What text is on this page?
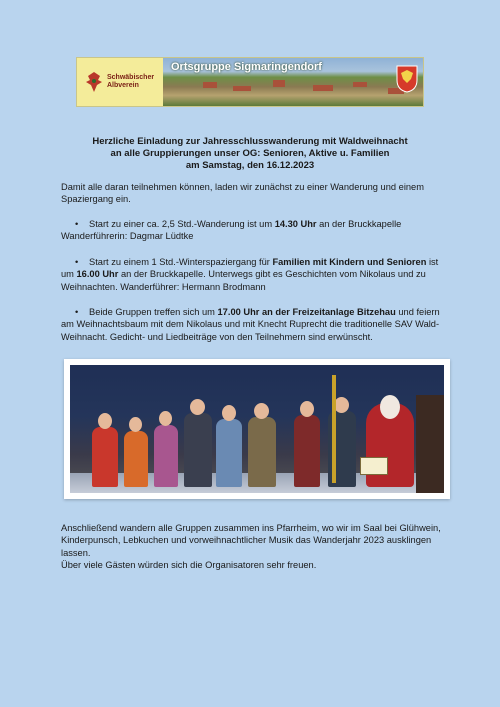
Schwäbischer
Albverein
Ortsgruppe Sigmaringendorf
Herzliche Einladung zur Jahresschlusswanderung mit Waldweihnacht
an alle Gruppierungen unser OG: Senioren, Aktive u. Familien
am Samstag, den 16.12.2023
Damit alle daran teilnehmen können, laden wir zunächst zu einer Wanderung und einem Spaziergang ein.
• Start zu einer ca. 2,5 Std.-Wanderung ist um 14.30 Uhr an der Bruckkapelle
Wanderführerin: Dagmar Lüdtke
• Start zu einem 1 Std.-Winterspaziergang für Familien mit Kindern und Senioren ist um 16.00 Uhr an der Bruckkapelle. Unterwegs gibt es Geschichten vom Nikolaus und zu Weihnachten. Wanderführer: Hermann Brodmann
• Beide Gruppen treffen sich um 17.00 Uhr an der Freizeitanlage Bitzehau und feiern am Weihnachtsbaum mit dem Nikolaus und mit Knecht Ruprecht die traditionelle SAV Wald-Weihnacht. Gedicht- und Liedbeiträge von den Teilnehmern sind erwünscht.
Anschließend wandern alle Gruppen zusammen ins Pfarrheim, wo wir im Saal bei Glühwein, Kinderpunsch, Lebkuchen und vorweihnachtlicher Musik das Wanderjahr 2023 ausklingen lassen.
Über viele Gästen würden sich die Organisatoren sehr freuen.
